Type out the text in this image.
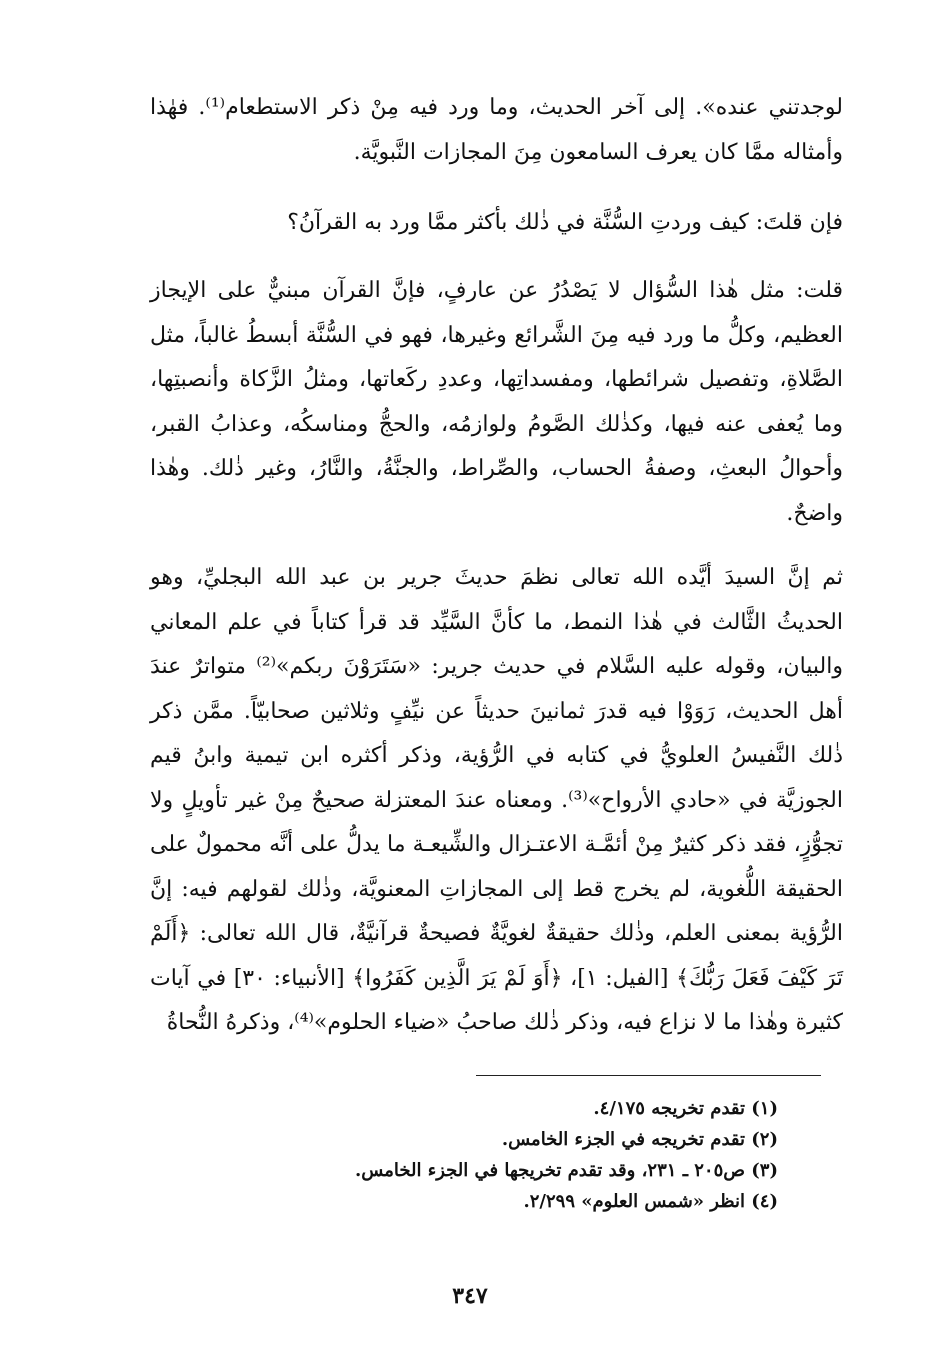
لوجدتني عنده». إلى آخر الحديث، وما ورد فيه مِنْ ذكر الاستطعام⁽¹⁾. فهٰذا وأمثاله ممَّا كان يعرف السامعون مِنَ المجازات النَّبويَّة.
فإن قلتَ: كيف وردتِ السُّنَّة في ذٰلك بأكثر ممَّا ورد به القرآنُ؟
قلت: مثل هٰذا السُّؤال لا يَصْدُرُ عن عارفٍ، فإنَّ القرآن مبنيٌّ على الإيجاز العظيم، وكلُّ ما ورد فيه مِنَ الشَّرائع وغيرها، فهو في السُّنَّة أبسطُ غالباً، مثل الصَّلاةِ، وتفصيل شرائطها، ومفسداتِها، وعددِ ركَعاتها، ومثلُ الزَّكاة وأنصبتِها، وما يُعفى عنه فيها، وكذٰلك الصَّومُ ولوازمُه، والحجُّ ومناسكُه، وعذابُ القبر، وأحوالُ البعثِ، وصفةُ الحساب، والصِّراط، والجنَّةُ، والنَّارُ، وغير ذٰلك. وهٰذا واضحٌ.
ثم إنَّ السيدَ أيَّده الله تعالى نظمَ حديثَ جرير بن عبد الله البجليِّ، وهو الحديثُ الثَّالث في هٰذا النمط، ما كأنَّ السَّيِّد قد قرأ كتاباً في علم المعاني والبيان، وقوله عليه السَّلام في حديث جرير: «سَتَرَوْنَ ربكم»⁽²⁾ متواترٌ عندَ أهل الحديث، رَوَوْا فيه قدرَ ثمانينَ حديثاً عن نيِّفٍ وثلاثين صحابيّاً. ممَّن ذكر ذٰلك النَّفيسُ العلويُّ في كتابه في الرُّؤية، وذكر أكثره ابن تيمية وابنُ قيم الجوزيَّة في «حادي الأرواح»⁽³⁾. ومعناه عندَ المعتزلة صحيحٌ مِنْ غير تأويلٍ ولا تجوُّزٍ، فقد ذكر كثيرٌ مِنْ أئمَّـة الاعتـزال والشِّيعـة ما يدلُّ على أنَّه محمولٌ على الحقيقة اللُّغوية، لم يخرج قط إلى المجازاتِ المعنويَّة، وذٰلك لقولهم فيه: إنَّ الرُّؤية بمعنى العلم، وذٰلك حقيقةٌ لغويَّةٌ فصيحةٌ قرآنيَّةٌ، قال الله تعالى: ﴿أَلَمْ تَرَ كَيْفَ فَعَلَ رَبُّكَ﴾ [الفيل: ١]، ﴿أَوَ لَمْ يَرَ الَّذِين كَفَرُوا﴾ [الأنبياء: ٣٠] في آيات كثيرة وهٰذا ما لا نزاع فيه، وذكر ذٰلك صاحبُ «ضياء الحلوم»⁽⁴⁾، وذكرهُ النُّحاةُ
(١) تقدم تخريجه ٤/١٧٥.
(٢) تقدم تخريجه في الجزء الخامس.
(٣) ص٢٠٥ ـ ٢٣١، وقد تقدم تخريجها في الجزء الخامس.
(٤) انظر «شمس العلوم» ٢/٢٩٩.
٣٤٧
